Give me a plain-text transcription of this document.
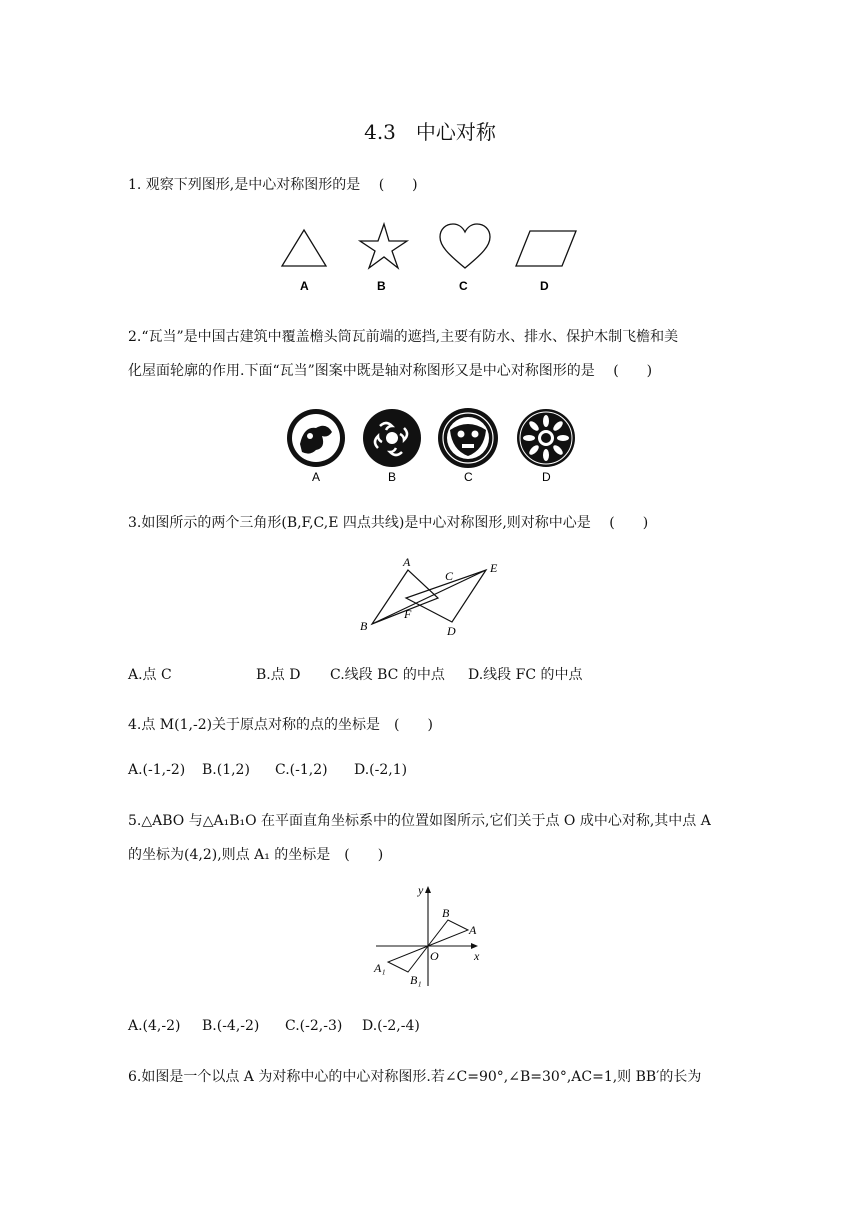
4.3　中心对称
1. 观察下列图形,是中心对称图形的是　 (　　)
A	B	C	D
2.“瓦当”是中国古建筑中覆盖檐头筒瓦前端的遮挡,主要有防水、排水、保护木制飞檐和美
化屋面轮廓的作用.下面“瓦当”图案中既是轴对称图形又是中心对称图形的是　 (　　)
A	B	C	D
3.如图所示的两个三角形(B,F,C,E 四点共线)是中心对称图形,则对称中心是　 (　　)
A
C
E
B
F
D
A.点 C	B.点 D C.线段 BC 的中点 D.线段 FC 的中点
4.点 M(1,-2)关于原点对称的点的坐标是　(　　)
A.(-1,-2) B.(1,2) C.(-1,2) D.(-2,1)
5.△ABO 与△A₁B₁O 在平面直角坐标系中的位置如图所示,它们关于点 O 成中心对称,其中点 A
的坐标为(4,2),则点 A₁ 的坐标是　(　　)
y
x
O
B
A
A₁
B₁
A.(4,-2) B.(-4,-2) C.(-2,-3) D.(-2,-4)
6.如图是一个以点 A 为对称中心的中心对称图形.若∠C=90°,∠B=30°,AC=1,则 BB′的长为
